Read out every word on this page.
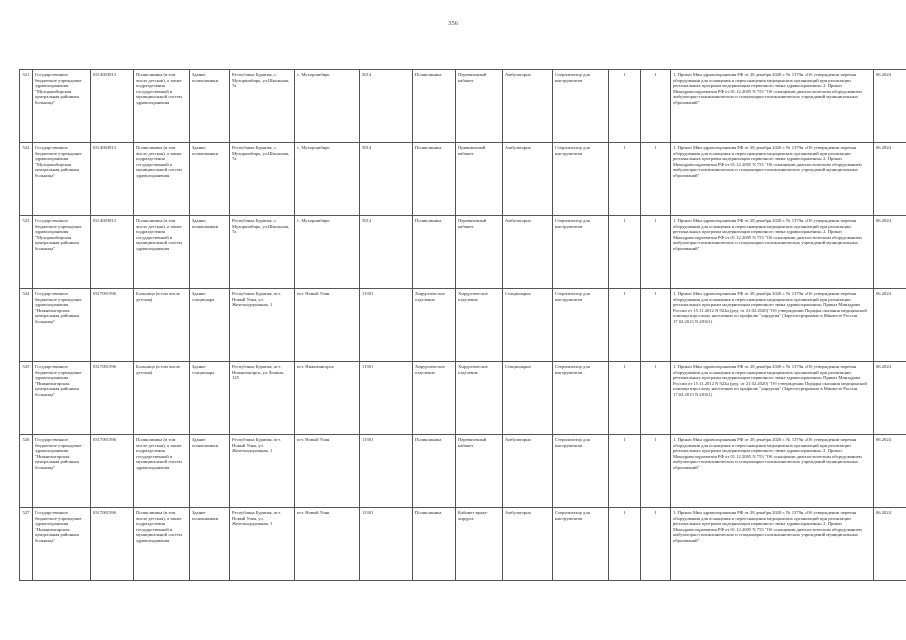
356
521	Государственное бюджетное учреждение здравоохранения "Мухоршибирская центральная районная больница"	0314003813	Поликлиника (в том числе детская), а также подразделения государственной и муниципальной систем здравоохранения	Здание поликлиники	Республика Бурятия, с. Мухоршибирь, ул.Школьная, 7а	с. Мухоршибирь	5014	Поликлиника	Перевязочный кабинет	Амбулаторно	Стерилизатор для инструментов	1	1	1. Приказ Мин здравоохранения РФ от 28 декабря 2020 г. № 1379н «Об утверждении перечня оборудования для оснащения и переоснащения медицинских организаций при реализации региональных программ модернизации первичного звена здравоохранения» 2. Приказ Минздравсоцразвития РФ от 01.12.2005 N 753 "Об оснащении диагностическим оборудованием амбулаторно-поликлинических и стационарно-поликлинических учреждений муниципальных образований"	06.2024
522	Государственное бюджетное учреждение здравоохранения "Мухоршибирская центральная районная больница"	0314003813	Поликлиника (в том числе детская), а также подразделения государственной и муниципальной систем здравоохранения	Здание поликлиники	Республика Бурятия, с. Мухоршибирь, ул.Школьная, 7а	с. Мухоршибирь	5014	Поликлиника	Прививочный кабинет	Амбулаторно	Стерилизатор для инструментов	1	1	1. Приказ Мин здравоохранения РФ от 28 декабря 2020 г. № 1379н «Об утверждении перечня оборудования для оснащения и переоснащения медицинских организаций при реализации региональных программ модернизации первичного звена здравоохранения» 2. Приказ Минздравсоцразвития РФ от 01.12.2005 N 753 "Об оснащении диагностическим оборудованием амбулаторно-поликлинических и стационарно-поликлинических учреждений муниципальных образований"	06.2024
523	Государственное бюджетное учреждение здравоохранения "Мухоршибирская центральная районная больница"	0314003813	Поликлиника (в том числе детская), а также подразделения государственной и муниципальной систем здравоохранения	Здание поликлиники	Республика Бурятия, с. Мухоршибирь, ул.Школьная, 7а	с. Мухоршибирь	5014	Поликлиника	Перевязочный кабинет	Амбулаторно	Стерилизатор для инструментов	1	1	1. Приказ Мин здравоохранения РФ от 28 декабря 2020 г. № 1379н «Об утверждении перечня оборудования для оснащения и переоснащения медицинских организаций при реализации региональных программ модернизации первичного звена здравоохранения» 2. Приказ Минздравсоцразвития РФ от 01.12.2005 N 753 "Об оснащении диагностическим оборудованием амбулаторно-поликлинических и стационарно-поликлинических учреждений муниципальных образований"	06.2024
524	Государственное бюджетное учреждение здравоохранения "Нижнеангарская центральная районная больница"	0317001596	Больница (в том числе детская)	Здание стационара	Республика Бурятия, пгт. Новый Уоян, ул. Железнодорожная, 1	пгт. Новый Уоян	11301	Хирургическое отделение	Хирургическое отделение	Стационарно	Стерилизатор для инструментов	1	1	1. Приказ Мин здравоохранения РФ от 28 декабря 2020 г. № 1379н «Об утверждении перечня оборудования для оснащения и переоснащения медицинских организаций при реализации региональных программ модернизации первичного звена здравоохранения» Приказ Минздрава России от 15.11.2012 N 922н (ред. от 21.02.2020) "Об утверждении Порядка оказания медицинской помощи взрослому населению по профилю "хирургия" (Зарегистрировано в Минюсте России 17.04.2013 N 28161)	06.2024
525	Государственное бюджетное учреждение здравоохранения "Нижнеангарская центральная районная больница"	0317001596	Больница (в том числе детская)	Здание стационара	Республика Бурятия, пгт. Нижнеангарск, ул.Ленина, 125	пгт. Нижнеангарск	11301	Хирургическое отделение	Хирургическое отделение	Стационарно	Стерилизатор для инструментов	1	1	1. Приказ Мин здравоохранения РФ от 28 декабря 2020 г. № 1379н «Об утверждении перечня оборудования для оснащения и переоснащения медицинских организаций при реализации региональных программ модернизации первичного звена здравоохранения» Приказ Минздрава России от 15.11.2012 N 922н (ред. от 21.02.2020) "Об утверждении Порядка оказания медицинской помощи взрослому населению по профилю "хирургия" (Зарегистрировано в Минюсте России 17.04.2013 N 28161)	06.2024
526	Государственное бюджетное учреждение здравоохранения "Нижнеангарская центральная районная больница"	0317001596	Поликлиника (в том числе детская), а также подразделения государственной и муниципальной систем здравоохранения	Здание поликлиники	Республика Бурятия, пгт. Новый Уоян, ул. Железнодорожная, 1	пгт. Новый Уоян	11301	Поликлиника	Перевязочный кабинет	Амбулаторно	Стерилизатор для инструментов	1	1	1. Приказ Мин здравоохранения РФ от 28 декабря 2020 г. № 1379н «Об утверждении перечня оборудования для оснащения и переоснащения медицинских организаций при реализации региональных программ модернизации первичного звена здравоохранения» 2. Приказ Минздравсоцразвития РФ от 01.12.2005 N 753 "Об оснащении диагностическим оборудованием амбулаторно-поликлинических и стационарно-поликлинических учреждений муниципальных образований"	06.2024
527	Государственное бюджетное учреждение здравоохранения "Нижнеангарская центральная районная больница"	0317001596	Поликлиника (в том числе детская), а также подразделения государственной и муниципальной систем здравоохранения	Здание поликлиники	Республика Бурятия, пгт. Новый Уоян, ул. Железнодорожная, 1	пгт. Новый Уоян	11301	Поликлиника	Кабинет врача-хирурга	Амбулаторно	Стерилизатор для инструментов	1	1	1. Приказ Мин здравоохранения РФ от 28 декабря 2020 г. № 1379н «Об утверждении перечня оборудования для оснащения и переоснащения медицинских организаций при реализации региональных программ модернизации первичного звена здравоохранения» 2. Приказ Минздравсоцразвития РФ от 01.12.2005 N 753 "Об оснащении диагностическим оборудованием амбулаторно-поликлинических и стационарно-поликлинических учреждений муниципальных образований"	06.2024
